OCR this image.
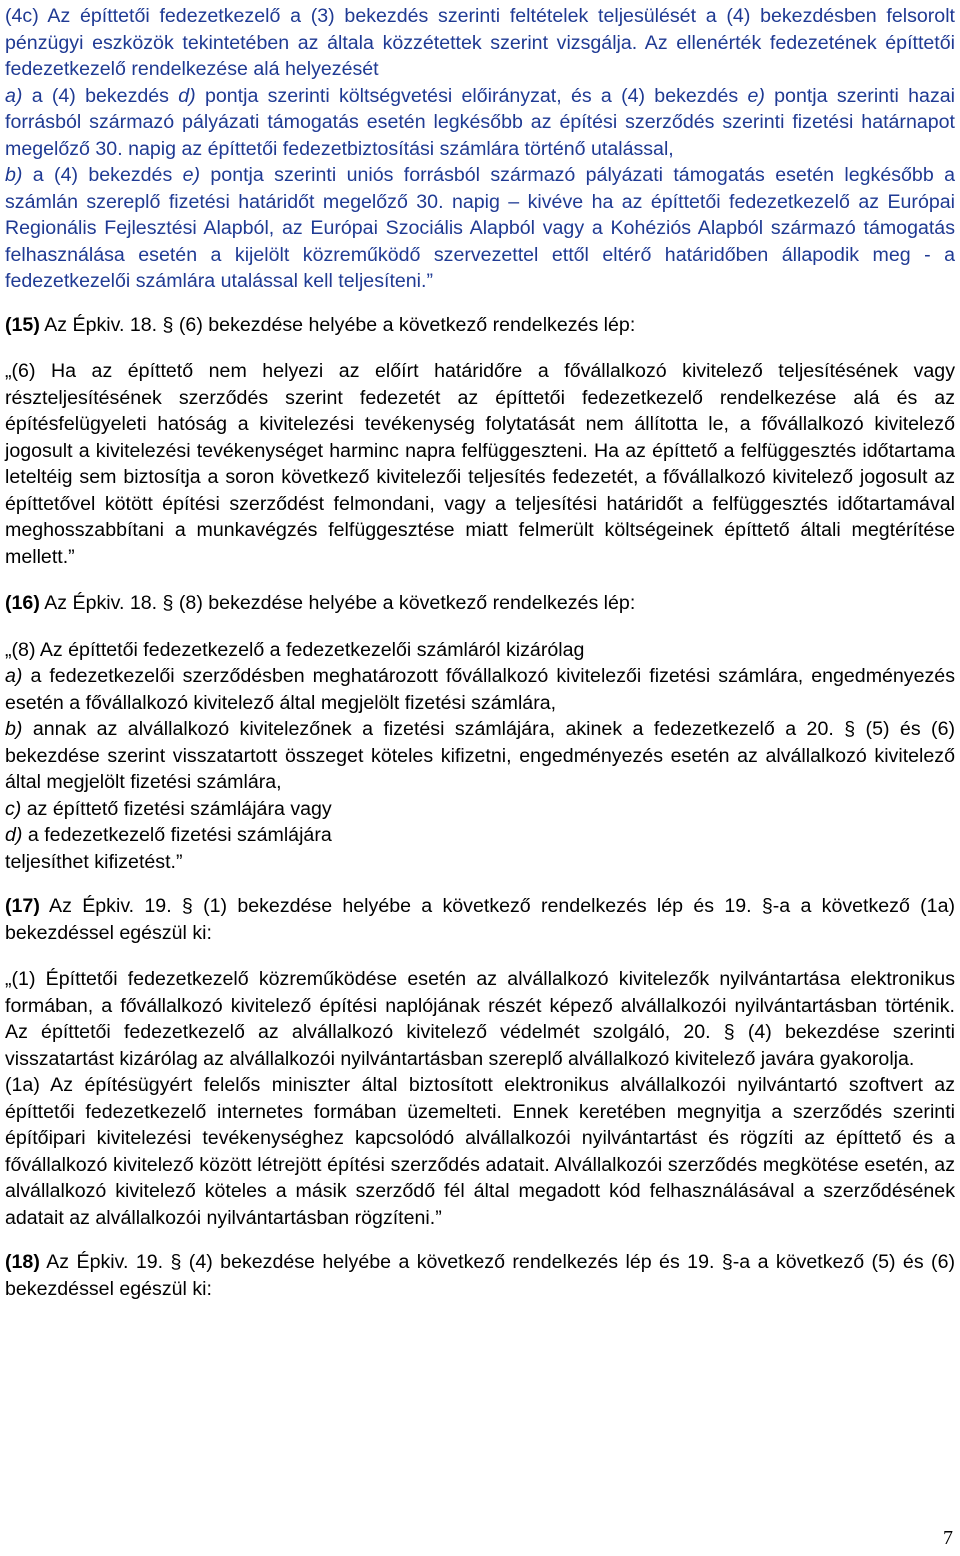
(4c) Az építtetői fedezetkezelő a (3) bekezdés szerinti feltételek teljesülését a (4) bekezdésben felsorolt pénzügyi eszközök tekintetében az általa közzétettek szerint vizsgálja. Az ellenérték fedezetének építtetői fedezetkezelő rendelkezése alá helyezését

a) a (4) bekezdés d) pontja szerinti költségvetési előirányzat, és a (4) bekezdés e) pontja szerinti hazai forrásból származó pályázati támogatás esetén legkésőbb az építési szerződés szerinti fizetési határnapot megelőző 30. napig az építtetői fedezetbiztosítási számlára történő utalással,

b) a (4) bekezdés e) pontja szerinti uniós forrásból származó pályázati támogatás esetén legkésőbb a számlán szereplő fizetési határidőt megelőző 30. napig – kivéve ha az építtetői fedezetkezelő az Európai Regionális Fejlesztési Alapból, az Európai Szociális Alapból vagy a Kohéziós Alapból származó támogatás felhasználása esetén a kijelölt közreműködő szervezettel ettől eltérő határidőben állapodik meg - a fedezetkezelői számlára utalással kell teljesíteni.”

(15) Az Épkiv. 18. § (6) bekezdése helyébe a következő rendelkezés lép:

„(6) Ha az építtető nem helyezi az előírt határidőre a fővállalkozó kivitelező teljesítésének vagy részteljesítésének szerződés szerint fedezetét az építtetői fedezetkezelő rendelkezése alá és az építésfelügyeleti hatóság a kivitelezési tevékenység folytatását nem állította le, a fővállalkozó kivitelező jogosult a kivitelezési tevékenységet harminc napra felfüggeszteni. Ha az építtető a felfüggesztés időtartama leteltéig sem biztosítja a soron következő kivitelezői teljesítés fedezetét, a fővállalkozó kivitelező jogosult az építtetővel kötött építési szerződést felmondani, vagy a teljesítési határidőt a felfüggesztés időtartamával meghosszabbítani a munkavégzés felfüggesztése miatt felmerült költségeinek építtető általi megtérítése mellett.”

(16) Az Épkiv. 18. § (8) bekezdése helyébe a következő rendelkezés lép:

„(8) Az építtetői fedezetkezelő a fedezetkezelői számláról kizárólag

a) a fedezetkezelői szerződésben meghatározott fővállalkozó kivitelezői fizetési számlára, engedményezés esetén a fővállalkozó kivitelező által megjelölt fizetési számlára,

b) annak az alvállalkozó kivitelezőnek a fizetési számlájára, akinek a fedezetkezelő a 20. § (5) és (6) bekezdése szerint visszatartott összeget köteles kifizetni, engedményezés esetén az alvállalkozó kivitelező által megjelölt fizetési számlára,

c) az építtető fizetési számlájára vagy

d) a fedezetkezelő fizetési számlájára

teljesíthet kifizetést.”

(17) Az Épkiv. 19. § (1) bekezdése helyébe a következő rendelkezés lép és 19. §-a a következő (1a) bekezdéssel egészül ki:

„(1) Építtetői fedezetkezelő közreműködése esetén az alvállalkozó kivitelezők nyilvántartása elektronikus formában, a fővállalkozó kivitelező építési naplójának részét képező alvállalkozói nyilvántartásban történik. Az építtetői fedezetkezelő az alvállalkozó kivitelező védelmét szolgáló, 20. § (4) bekezdése szerinti visszatartást kizárólag az alvállalkozói nyilvántartásban szereplő alvállalkozó kivitelező javára gyakorolja.

(1a) Az építésügyért felelős miniszter által biztosított elektronikus alvállalkozói nyilvántartó szoftvert az építtetői fedezetkezelő internetes formában üzemelteti. Ennek keretében megnyitja a szerződés szerinti építőipari kivitelezési tevékenységhez kapcsolódó alvállalkozói nyilvántartást és rögzíti az építtető és a fővállalkozó kivitelező között létrejött építési szerződés adatait. Alvállalkozói szerződés megkötése esetén, az alvállalkozó kivitelező köteles a másik szerződő fél által megadott kód felhasználásával a szerződésének adatait az alvállalkozói nyilvántartásban rögzíteni.”

(18) Az Épkiv. 19. § (4) bekezdése helyébe a következő rendelkezés lép és 19. §-a a következő (5) és (6) bekezdéssel egészül ki:

7
